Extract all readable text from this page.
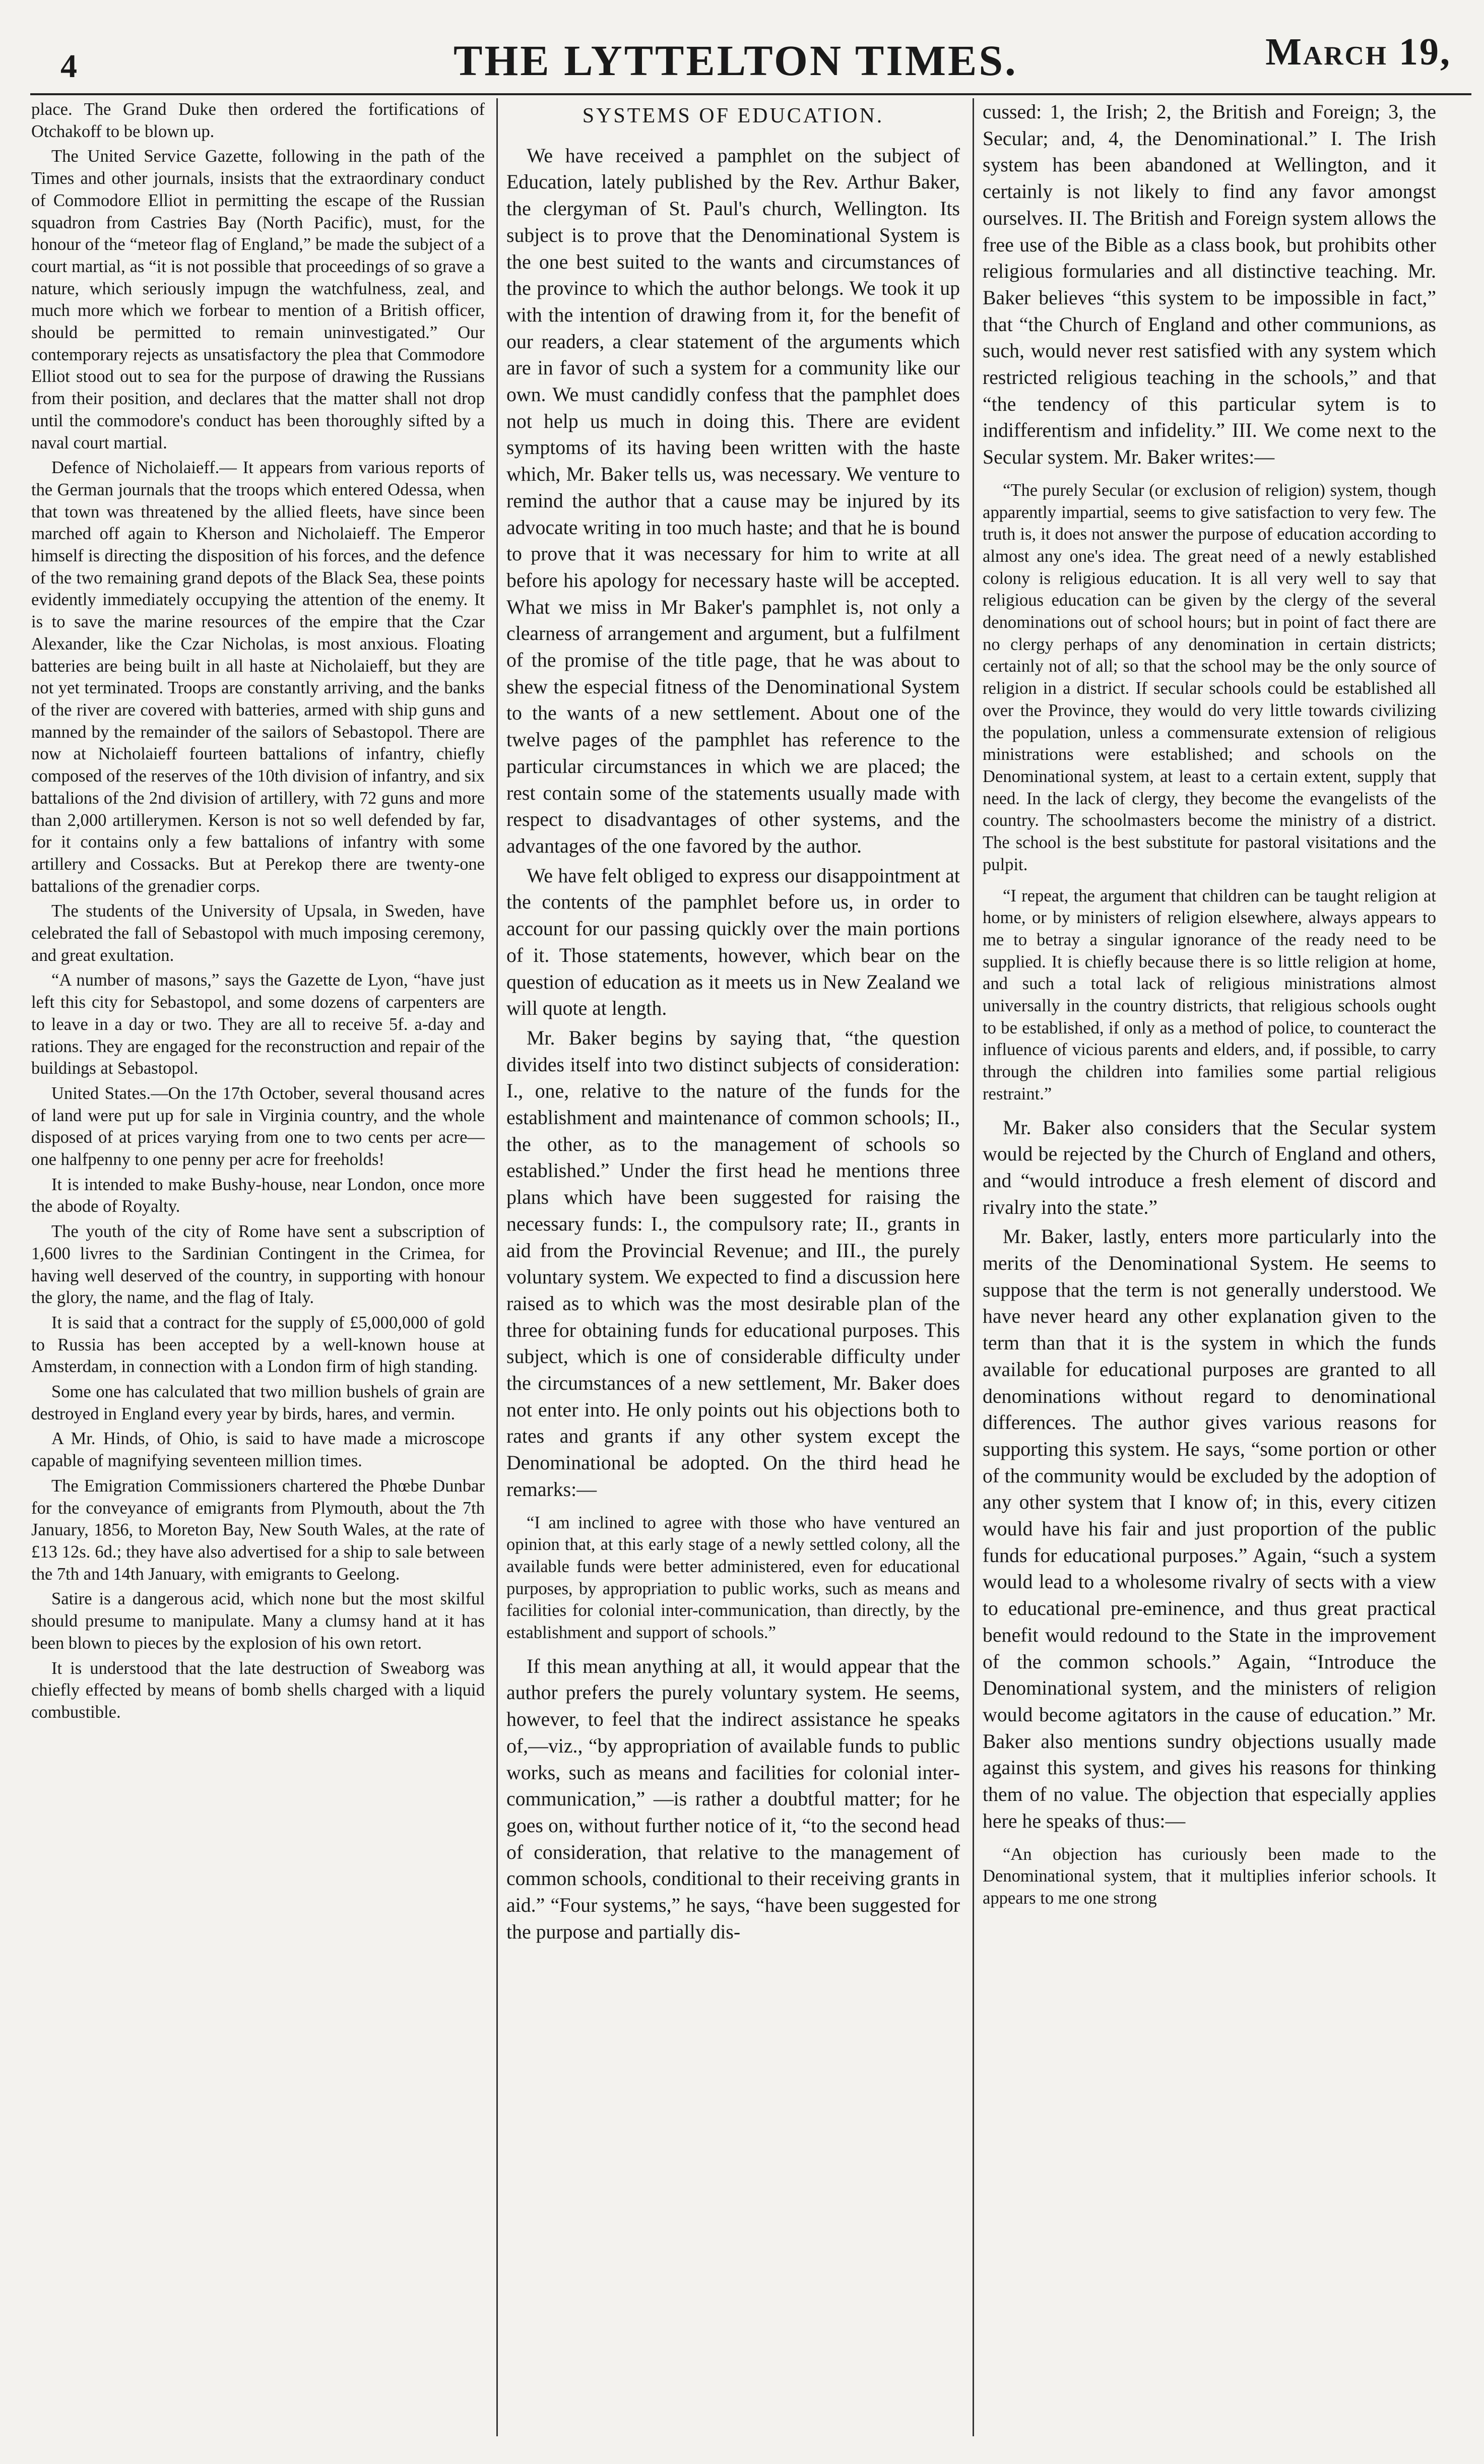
4	THE LYTTELTON TIMES.	March 19,

place. The Grand Duke then ordered the fortifications of Otchakoff to be blown up.

The United Service Gazette, following in the path of the Times and other journals, insists that the extraordinary conduct of Commodore Elliot in permitting the escape of the Russian squadron from Castries Bay (North Pacific), must, for the honour of the “meteor flag of England,” be made the subject of a court martial, as “it is not possible that proceedings of so grave a nature, which seriously impugn the watchfulness, zeal, and much more which we forbear to mention of a British officer, should be permitted to remain uninvestigated.” Our contemporary rejects as unsatisfactory the plea that Commodore Elliot stood out to sea for the purpose of drawing the Russians from their position, and declares that the matter shall not drop until the commodore's conduct has been thoroughly sifted by a naval court martial.

Defence of Nicholaieff.— It appears from various reports of the German journals that the troops which entered Odessa, when that town was threatened by the allied fleets, have since been marched off again to Kherson and Nicholaieff. The Emperor himself is directing the disposition of his forces, and the defence of the two remaining grand depots of the Black Sea, these points evidently immediately occupying the attention of the enemy. It is to save the marine resources of the empire that the Czar Alexander, like the Czar Nicholas, is most anxious. Floating batteries are being built in all haste at Nicholaieff, but they are not yet terminated. Troops are constantly arriving, and the banks of the river are covered with batteries, armed with ship guns and manned by the remainder of the sailors of Sebastopol. There are now at Nicholaieff fourteen battalions of infantry, chiefly composed of the reserves of the 10th division of infantry, and six battalions of the 2nd division of artillery, with 72 guns and more than 2,000 artillerymen. Kerson is not so well defended by far, for it contains only a few battalions of infantry with some artillery and Cossacks. But at Perekop there are twenty-one battalions of the grenadier corps.

The students of the University of Upsala, in Sweden, have celebrated the fall of Sebastopol with much imposing ceremony, and great exultation.

“A number of masons,” says the Gazette de Lyon, “have just left this city for Sebastopol, and some dozens of carpenters are to leave in a day or two. They are all to receive 5f. a-day and rations. They are engaged for the reconstruction and repair of the buildings at Sebastopol.

United States.—On the 17th October, several thousand acres of land were put up for sale in Virginia country, and the whole disposed of at prices varying from one to two cents per acre—one halfpenny to one penny per acre for freeholds!

It is intended to make Bushy-house, near London, once more the abode of Royalty.

The youth of the city of Rome have sent a subscription of 1,600 livres to the Sardinian Contingent in the Crimea, for having well deserved of the country, in supporting with honour the glory, the name, and the flag of Italy.

It is said that a contract for the supply of £5,000,000 of gold to Russia has been accepted by a well-known house at Amsterdam, in connection with a London firm of high standing.

Some one has calculated that two million bushels of grain are destroyed in England every year by birds, hares, and vermin.

A Mr. Hinds, of Ohio, is said to have made a microscope capable of magnifying seventeen million times.

The Emigration Commissioners chartered the Phœbe Dunbar for the conveyance of emigrants from Plymouth, about the 7th January, 1856, to Moreton Bay, New South Wales, at the rate of £13 12s. 6d.; they have also advertised for a ship to sale between the 7th and 14th January, with emigrants to Geelong.

Satire is a dangerous acid, which none but the most skilful should presume to manipulate. Many a clumsy hand at it has been blown to pieces by the explosion of his own retort.

It is understood that the late destruction of Sweaborg was chiefly effected by means of bomb shells charged with a liquid combustible.

SYSTEMS OF EDUCATION.

We have received a pamphlet on the subject of Education, lately published by the Rev. Arthur Baker, the clergyman of St. Paul's church, Wellington. Its subject is to prove that the Denominational System is the one best suited to the wants and circumstances of the province to which the author belongs. We took it up with the intention of drawing from it, for the benefit of our readers, a clear statement of the arguments which are in favor of such a system for a community like our own. We must candidly confess that the pamphlet does not help us much in doing this. There are evident symptoms of its having been written with the haste which, Mr. Baker tells us, was necessary. We venture to remind the author that a cause may be injured by its advocate writing in too much haste; and that he is bound to prove that it was necessary for him to write at all before his apology for necessary haste will be accepted. What we miss in Mr Baker's pamphlet is, not only a clearness of arrangement and argument, but a fulfilment of the promise of the title page, that he was about to shew the especial fitness of the Denominational System to the wants of a new settlement. About one of the twelve pages of the pamphlet has reference to the particular circumstances in which we are placed; the rest contain some of the statements usually made with respect to disadvantages of other systems, and the advantages of the one favored by the author.

We have felt obliged to express our disappointment at the contents of the pamphlet before us, in order to account for our passing quickly over the main portions of it. Those statements, however, which bear on the question of education as it meets us in New Zealand we will quote at length.

Mr. Baker begins by saying that, “the question divides itself into two distinct subjects of consideration: I., one, relative to the nature of the funds for the establishment and maintenance of common schools; II., the other, as to the management of schools so established.” Under the first head he mentions three plans which have been suggested for raising the necessary funds: I., the compulsory rate; II., grants in aid from the Provincial Revenue; and III., the purely voluntary system. We expected to find a discussion here raised as to which was the most desirable plan of the three for obtaining funds for educational purposes. This subject, which is one of considerable difficulty under the circumstances of a new settlement, Mr. Baker does not enter into. He only points out his objections both to rates and grants if any other system except the Denominational be adopted. On the third head he remarks:—

“I am inclined to agree with those who have ventured an opinion that, at this early stage of a newly settled colony, all the available funds were better administered, even for educational purposes, by appropriation to public works, such as means and facilities for colonial inter-communication, than directly, by the establishment and support of schools.”

If this mean anything at all, it would appear that the author prefers the purely voluntary system. He seems, however, to feel that the indirect assistance he speaks of,—viz., “by appropriation of available funds to public works, such as means and facilities for colonial inter-communication,” —is rather a doubtful matter; for he goes on, without further notice of it, “to the second head of consideration, that relative to the management of common schools, conditional to their receiving grants in aid.” “Four systems,” he says, “have been suggested for the purpose and partially dis-

cussed: 1, the Irish; 2, the British and Foreign; 3, the Secular; and, 4, the Denominational.” I. The Irish system has been abandoned at Wellington, and it certainly is not likely to find any favor amongst ourselves. II. The British and Foreign system allows the free use of the Bible as a class book, but prohibits other religious formularies and all distinctive teaching. Mr. Baker believes “this system to be impossible in fact,” that “the Church of England and other communions, as such, would never rest satisfied with any system which restricted religious teaching in the schools,” and that “the tendency of this particular sytem is to indifferentism and infidelity.” III. We come next to the Secular system. Mr. Baker writes:—

“The purely Secular (or exclusion of religion) system, though apparently impartial, seems to give satisfaction to very few. The truth is, it does not answer the purpose of education according to almost any one's idea. The great need of a newly established colony is religious education. It is all very well to say that religious education can be given by the clergy of the several denominations out of school hours; but in point of fact there are no clergy perhaps of any denomination in certain districts; certainly not of all; so that the school may be the only source of religion in a district. If secular schools could be established all over the Province, they would do very little towards civilizing the population, unless a commensurate extension of religious ministrations were established; and schools on the Denominational system, at least to a certain extent, supply that need. In the lack of clergy, they become the evangelists of the country. The schoolmasters become the ministry of a district. The school is the best substitute for pastoral visitations and the pulpit.

“I repeat, the argument that children can be taught religion at home, or by ministers of religion elsewhere, always appears to me to betray a singular ignorance of the ready need to be supplied. It is chiefly because there is so little religion at home, and such a total lack of religious ministrations almost universally in the country districts, that religious schools ought to be established, if only as a method of police, to counteract the influence of vicious parents and elders, and, if possible, to carry through the children into families some partial religious restraint.”

Mr. Baker also considers that the Secular system would be rejected by the Church of England and others, and “would introduce a fresh element of discord and rivalry into the state.”

Mr. Baker, lastly, enters more particularly into the merits of the Denominational System. He seems to suppose that the term is not generally understood. We have never heard any other explanation given to the term than that it is the system in which the funds available for educational purposes are granted to all denominations without regard to denominational differences. The author gives various reasons for supporting this system. He says, “some portion or other of the community would be excluded by the adoption of any other system that I know of; in this, every citizen would have his fair and just proportion of the public funds for educational purposes.” Again, “such a system would lead to a wholesome rivalry of sects with a view to educational pre-eminence, and thus great practical benefit would redound to the State in the improvement of the common schools.” Again, “Introduce the Denominational system, and the ministers of religion would become agitators in the cause of education.” Mr. Baker also mentions sundry objections usually made against this system, and gives his reasons for thinking them of no value. The objection that especially applies here he speaks of thus:—

“An objection has curiously been made to the Denominational system, that it multiplies inferior schools. It appears to me one strong
